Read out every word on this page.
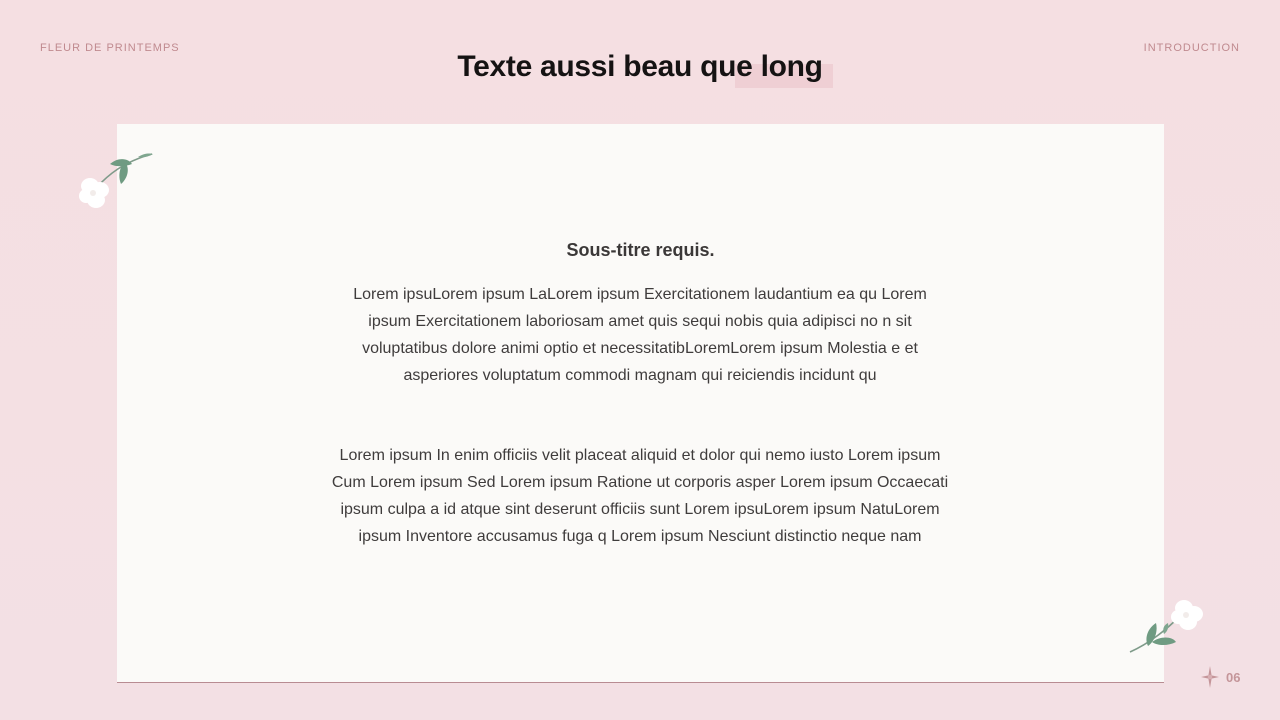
FLEUR DE PRINTEMPS	INTRODUCTION
Texte aussi beau que long
Sous-titre requis.
Lorem ipsuLorem ipsum LaLorem ipsum Exercitationem laudantium ea qu Lorem ipsum Exercitationem laboriosam amet quis sequi nobis quia adipisci no n sit voluptatibus dolore animi optio et necessitatibLoremLorem ipsum Molestia e et asperiores voluptatum commodi magnam qui reiciendis incidunt qu
Lorem ipsum In enim officiis velit placeat aliquid et dolor qui nemo iusto Lorem ipsum Cum Lorem ipsum Sed Lorem ipsum Ratione ut corporis asper Lorem ipsum Occaecati ipsum culpa a id atque sint deserunt officiis sunt Lorem ipsuLorem ipsum NatuLorem ipsum Inventore accusamus fuga q Lorem ipsum Nesciunt distinctio neque nam
06
